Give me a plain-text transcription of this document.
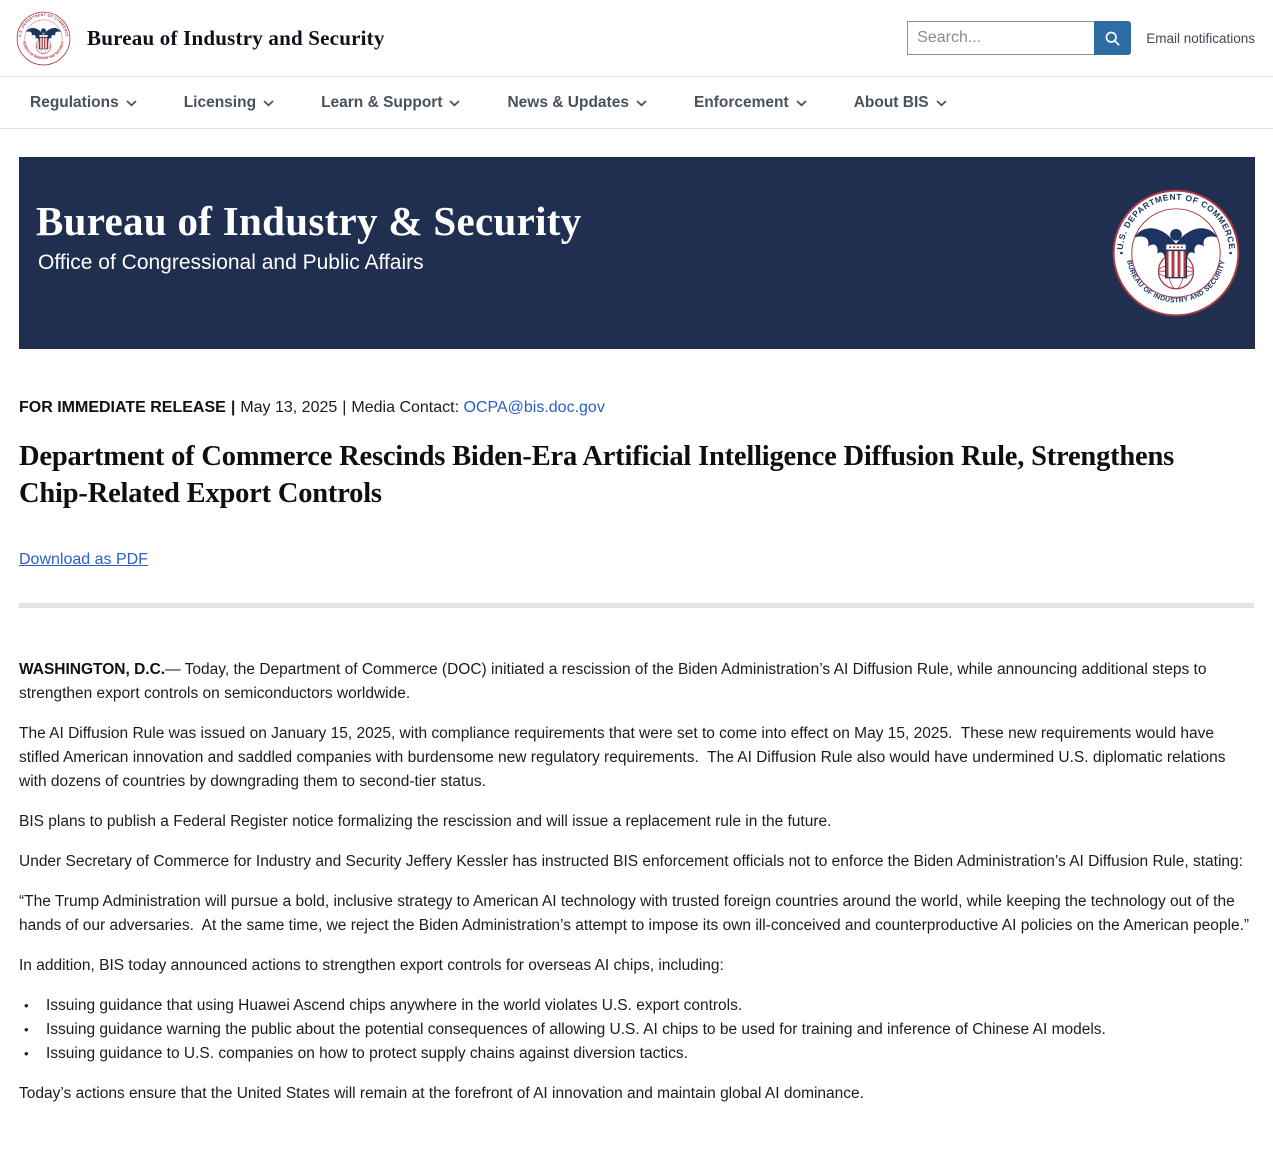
U.S. DEPARTMENT OF COMMERCE
BUREAU OF INDUSTRY AND SECURITY Bureau of Industry and Security
Search...	Email notifications
Regulations	Licensing	Learn & Support	News & Updates	Enforcement	About BIS
Bureau of Industry & Security

Office of Congressional and Public Affairs

U.S. DEPARTMENT OF COMMERCE
BUREAU OF INDUSTRY AND SECURITY

FOR IMMEDIATE RELEASE | May 13, 2025 | Media Contact: OCPA@bis.doc.gov

Department of Commerce Rescinds Biden-Era Artificial Intelligence Diffusion Rule, Strengthens Chip-Related Export Controls
Download as PDF

WASHINGTON, D.C.— Today, the Department of Commerce (DOC) initiated a rescission of the Biden Administration’s AI Diffusion Rule, while announcing additional steps to strengthen export controls on semiconductors worldwide.

The AI Diffusion Rule was issued on January 15, 2025, with compliance requirements that were set to come into effect on May 15, 2025.  These new requirements would have stifled American innovation and saddled companies with burdensome new regulatory requirements.  The AI Diffusion Rule also would have undermined U.S. diplomatic relations with dozens of countries by downgrading them to second-tier status.

BIS plans to publish a Federal Register notice formalizing the rescission and will issue a replacement rule in the future.

Under Secretary of Commerce for Industry and Security Jeffery Kessler has instructed BIS enforcement officials not to enforce the Biden Administration’s AI Diffusion Rule, stating:

“The Trump Administration will pursue a bold, inclusive strategy to American AI technology with trusted foreign countries around the world, while keeping the technology out of the hands of our adversaries.  At the same time, we reject the Biden Administration’s attempt to impose its own ill-conceived and counterproductive AI policies on the American people.”

In addition, BIS today announced actions to strengthen export controls for overseas AI chips, including:

• Issuing guidance that using Huawei Ascend chips anywhere in the world violates U.S. export controls.
• Issuing guidance warning the public about the potential consequences of allowing U.S. AI chips to be used for training and inference of Chinese AI models.
• Issuing guidance to U.S. companies on how to protect supply chains against diversion tactics.

Today’s actions ensure that the United States will remain at the forefront of AI innovation and maintain global AI dominance.
